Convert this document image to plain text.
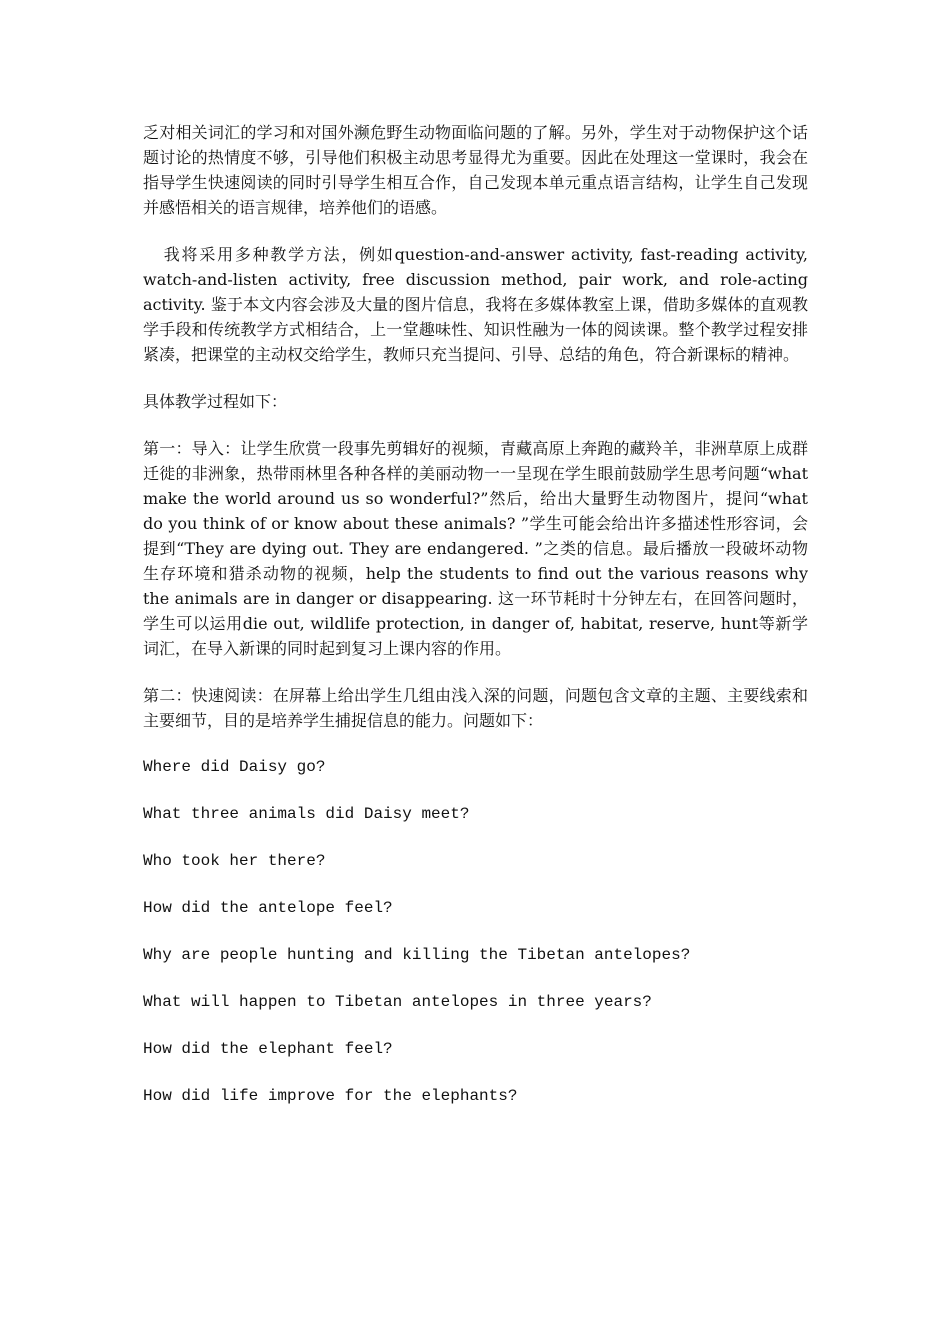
乏对相关词汇的学习和对国外濒危野生动物面临问题的了解。另外，学生对于动物保护这个话题讨论的热情度不够，引导他们积极主动思考显得尤为重要。因此在处理这一堂课时，我会在指导学生快速阅读的同时引导学生相互合作，自己发现本单元重点语言结构，让学生自己发现并感悟相关的语言规律，培养他们的语感。

我将采用多种教学方法，例如question-and-answer activity, fast-reading activity, watch-and-listen activity, free discussion method, pair work, and role-acting activity. 鉴于本文内容会涉及大量的图片信息，我将在多媒体教室上课，借助多媒体的直观教学手段和传统教学方式相结合，上一堂趣味性、知识性融为一体的阅读课。整个教学过程安排紧凑，把课堂的主动权交给学生，教师只充当提问、引导、总结的角色，符合新课标的精神。

具体教学过程如下：

第一：导入：让学生欣赏一段事先剪辑好的视频，青藏高原上奔跑的藏羚羊，非洲草原上成群迁徙的非洲象，热带雨林里各种各样的美丽动物一一呈现在学生眼前鼓励学生思考问题“what make the world around us so wonderful?”然后，给出大量野生动物图片，提问“what do you think of or know about these animals? ”学生可能会给出许多描述性形容词，会提到“They are dying out. They are endangered. ”之类的信息。最后播放一段破坏动物生存环境和猎杀动物的视频，help the students to find out the various reasons why the animals are in danger or disappearing. 这一环节耗时十分钟左右，在回答问题时，学生可以运用die out, wildlife protection, in danger of, habitat, reserve, hunt等新学词汇，在导入新课的同时起到复习上课内容的作用。

第二：快速阅读：在屏幕上给出学生几组由浅入深的问题，问题包含文章的主题、主要线索和主要细节，目的是培养学生捕捉信息的能力。问题如下：

Where did Daisy go?

What three animals did Daisy meet?

Who took her there?

How did the antelope feel?

Why are people hunting and killing the Tibetan antelopes?

What will happen to Tibetan antelopes in three years?

How did the elephant feel?

How did life improve for the elephants?
